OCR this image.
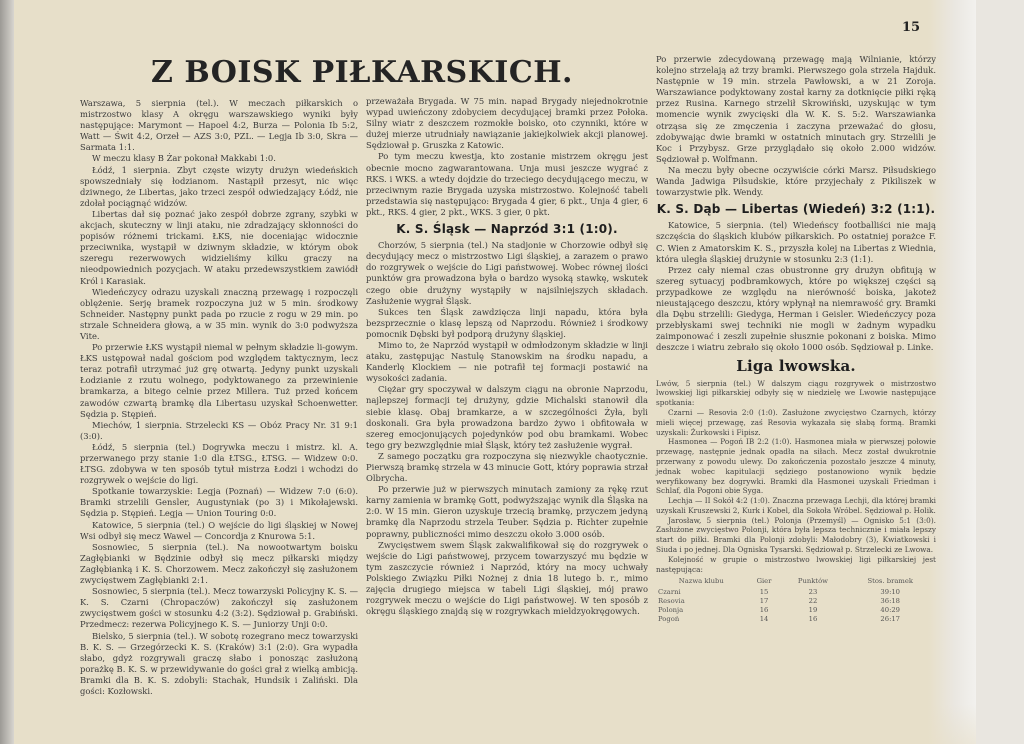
15
Z BOISK PIŁKARSKICH.

Warszawa, 5 sierpnia (tel.). W meczach piłkarskich o mistrzostwo klasy A okręgu warszawskiego wyniki były następujące: Marymont — Hapoel 4:2, Burza — Polonia Ib 5:2, Watt — Świt 4:2, Orzeł — AZS 3:0, PZL. — Legja Ib 3:0, Skra — Sarmata 1:1.

W meczu klasy B Żar pokonał Makkabi 1:0.

Łódź, 1 sierpnia. Zbyt częste wizyty drużyn wiedeńskich spowszedniały się łodzianom. Nastąpił przesyt, nic więc dziwnego, że Libertas, jako trzeci zespół odwiedzający Łódź, nie zdołał pociągnąć widzów.

Libertas dał się poznać jako zespół dobrze zgrany, szybki w akcjach, skuteczny w linji ataku, nie zdradzający skłonności do popisów różnemi trickami. ŁKS, nie doceniając widocznie przeciwnika, wystąpił w dziwnym składzie, w którym obok szeregu rezerwowych widzieliśmy kilku graczy na nieodpowiednich pozycjach. W ataku przedewszystkiem zawiódł Król i Karasiak.

Wiedeńczycy odrazu uzyskali znaczną przewagę i rozpoczęli oblężenie. Serję bramek rozpoczyna już w 5 min. środkowy Schneider. Następny punkt pada po rzucie z rogu w 29 min. po strzale Schneidera głową, a w 35 min. wynik do 3:0 podwyższa Vite.

Po przerwie ŁKS wystąpił niemal w pełnym składzie li-gowym. ŁKS ustępował nadal gościom pod względem taktycznym, lecz teraz potrafił utrzymać już grę otwartą. Jedyny punkt uzyskali Łodzianie z rzutu wolnego, podyktowanego za przewinienie bramkarza, a bitego celnie przez Millera. Tuż przed końcem zawodów czwartą bramkę dla Libertasu uzyskał Schoenwetter. Sędzia p. Stępień.

Miechów, 1 sierpnia. Strzelecki KS — Obóz Pracy Nr. 31 9:1 (3:0).

Łódź, 5 sierpnia (tel.) Dogrywka meczu i mistrz. kl. A. przerwanego przy stanie 1:0 dla ŁTSG., ŁTSG. — Widzew 0:0. ŁTSG. zdobywa w ten sposób tytuł mistrza Łodzi i wchodzi do rozgrywek o wejście do ligi.

Spotkanie towarzyskie: Legja (Poznań) — Widzew 7:0 (6:0). Bramki strzelili Gensler, Augustyniak (po 3) i Mikołajewski. Sędzia p. Stępień. Legja — Union Touring 0:0.

Katowice, 5 sierpnia (tel.) O wejście do ligi śląskiej w Nowej Wsi odbył się mecz Wawel — Concordja z Knurowa 5:1.

Sosnowiec, 5 sierpnia (tel.). Na nowootwartym boisku Zagłębianki w Będzinie odbył się mecz piłkarski między Zagłębianką i K. S. Chorzowem. Mecz zakończył się zasłużonem zwycięstwem Zagłębianki 2:1.

Sosnowiec, 5 sierpnia (tel.). Mecz towarzyski Policyjny K. S. — K. S. Czarni (Chropaczów) zakończył się zasłużonem zwycięstwem gości w stosunku 4:2 (3:2). Sędziował p. Grabiński. Przedmecz: rezerwa Policyjnego K. S. — Juniorzy Unji 0:0.

Bielsko, 5 sierpnia (tel.). W sobotę rozegrano mecz towarzyski B. K. S. — Grzegórzecki K. S. (Kraków) 3:1 (2:0). Gra wypadła słabo, gdyż rozgrywali graczę słabo i ponosząc zasłużoną porażkę B. K. S. w przewidywanie do gości grał z wielką ambicją. Bramki dla B. K. S. zdobyli: Stachak, Hundsik i Zaliński. Dla gości: Kozłowski.

przeważała Brygada. W 75 min. napad Brygady niejednokrotnie wypad uwieńczony zdobyciem decydującej bramki przez Połoka. Silny wiatr z deszczem rozmokłe boisko, oto czynniki, które w dużej mierze utrudniały nawiązanie jakiejkolwiek akcji planowej. Sędziował p. Gruszka z Katowic.

Po tym meczu kwestja, kto zostanie mistrzem okręgu jest obecnie mocno zagwarantowana. Unja musi jeszcze wygrać z RKS. i WKS. a wtedy dojdzie do trzeciego decydującego meczu, w przeciwnym razie Brygada uzyska mistrzostwo. Kolejność tabeli przedstawia się następująco: Brygada 4 gier, 6 pkt., Unja 4 gier, 6 pkt., RKS. 4 gier, 2 pkt., WKS. 3 gier, 0 pkt.

K. S. Śląsk — Naprzód 3:1 (1:0).

Chorzów, 5 sierpnia (tel.) Na stadjonie w Chorzowie odbył się decydujący mecz o mistrzostwo Ligi śląskiej, a zarazem o prawo do rozgrywek o wejście do Ligi państwowej. Wobec równej ilości punktów gra prowadzona była o bardzo wysoką stawkę, wskutek czego obie drużyny wystąpiły w najsilniejszych składach. Zasłużenie wygrał Śląsk.

Sukces ten Śląsk zawdzięcza linji napadu, która była bezsprzecznie o klasę lepszą od Naprzodu. Również i środkowy pomocnik Dębski był podporą drużyny śląskiej.

Mimo to, że Naprzód wystąpił w odmłodzonym składzie w linji ataku, zastępując Nastulę Stanowskim na środku napadu, a Kanderlę Klockiem — nie potrafił tej formacji postawić na wysokości zadania.

Ciężar gry spoczywał w dalszym ciągu na obronie Naprzodu, najlepszej formacji tej drużyny, gdzie Michalski stanowił dla siebie klasę. Obaj bramkarze, a w szczególności Żyła, byli doskonali. Gra była prowadzona bardzo żywo i obfitowała w szereg emocjonujących pojedynków pod obu bramkami. Wobec tego gry bezwzględnie miał Śląsk, który też zasłużenie wygrał.

Z samego początku gra rozpoczyna się niezwykle chaotycznie. Pierwszą bramkę strzela w 43 minucie Gott, który poprawia strzał Olbrycha.

Po przerwie już w pierwszych minutach zamiony za rękę rzut karny zamienia w bramkę Gott, podwyższając wynik dla Śląska na 2:0. W 15 min. Gieron uzyskuje trzecią bramkę, przyczem jedyną bramkę dla Naprzodu strzela Teuber. Sędzia p. Richter zupełnie poprawny, publiczności mimo deszczu około 3.000 osób.

Zwycięstwem swem Śląsk zakwalifikował się do rozgrywek o wejście do Ligi państwowej, przycem towarzyszyć mu będzie w tym zaszczycie również i Naprzód, który na mocy uchwały Polskiego Związku Piłki Nożnej z dnia 18 lutego b. r., mimo zajęcia drugiego miejsca w tabeli Ligi śląskiej, mój prawo rozgrywek meczu o wejście do Ligi państwowej. W ten sposób z okręgu śląskiego znajdą się w rozgrywkach mieldzyokręgowych.

Po przerwie zdecydowaną przewagę mają Wilnianie, którzy kolejno strzelają aż trzy bramki. Pierwszego gola strzela Hajduk. Następnie w 19 min. strzela Pawłowski, a w 21 Zoroja. Warszawiance podyktowany został karny za dotknięcie piłki ręką przez Rusina. Karnego strzelił Skrowiński, uzyskując w tym momencie wynik zwycięski dla W. K. S. 5:2. Warszawianka otrząsa się ze zmęczenia i zaczyna przeważać do głosu, zdobywając dwie bramki w ostatnich minutach gry. Strzelili je Koc i Przybysz. Grze przyglądało się około 2.000 widzów. Sędziował p. Wolfmann.

Na meczu były obecne oczywiście córki Marsz. Piłsudskiego Wanda Jadwiga Piłsudskie, które przyjechały z Pikiliszek w towarzystwie płk. Wendy.

K. S. Dąb — Libertas (Wiedeń) 3:2 (1:1).

Katowice, 5 sierpnia. (tel) Wiedeńscy footballiści nie mają szczęścia do śląskich klubów piłkarskich. Po ostatniej porażce F. C. Wien z Amatorskim K. S., przyszła kolej na Libertas z Wiednia, która uległa śląskiej drużynie w stosunku 2:3 (1:1).

Przez cały niemal czas obustronne gry drużyn obfitują w szereg sytuacyj podbramkowych, które po większej części są przypadkowe ze względu na nierówność boiska, jakoteż nieustającego deszczu, który wpłynął na niemrawość gry. Bramki dla Dębu strzelili: Giedyga, Herman i Geisler. Wiedeńczycy poza przebłyskami swej techniki nie mogli w żadnym wypadku zaimponować i zeszli zupełnie słusznie pokonani z boiska. Mimo deszcze i wiatru zebrało się około 1000 osób. Sędziował p. Linke.

Liga lwowska.

Lwów, 5 sierpnia (tel.) W dalszym ciągu rozgrywek o mistrzostwo lwowskiej ligi piłkarskiej odbyły się w niedzielę we Lwowie następujące spotkania:

Czarni — Resovia 2:0 (1:0). Zasłużone zwycięstwo Czarnych, którzy mieli więcej przewagę, zaś Resovia wykazała się słabą formą. Bramki uzyskali: Żurkowski i Fipisz.

Hasmonea — Pogoń IB 2:2 (1:0). Hasmonea miała w pierwszej połowie przewagę, następnie jednak opadła na siłach. Mecz został dwukrotnie przerwany z powodu ulewy. Do zakończenia pozostało jeszcze 4 minuty, jednak wobec kapitulacji sędziego postanowiono wynik będzie weryfikowany bez dogrywki. Bramki dla Hasmonei uzyskali Friedman i Schlaf, dla Pogoni obie Syga.

Lechja — II Sokół 4:2 (1:0). Znaczna przewaga Lechji, dla której bramki uzyskali Kruszewski 2, Kurk i Kobel, dla Sokoła Wróbel. Sędziował p. Holik.

Jarosław, 5 sierpnia (tel.) Polonja (Przemyśl) — Ognisko 5:1 (3:0). Zasłużone zwycięstwo Polonji, która była lepsza technicznie i miała lepszy start do piłki. Bramki dla Polonji zdobyli: Małodobry (3), Kwiatkowski i Siuda i po jednej. Dla Ogniska Tysarski. Sędziował p. Strzelecki ze Lwowa.

Kolejność w grupie o mistrzostwo lwowskiej ligi piłkarskiej jest następująca:

Nazwa klubu	Gier	Punktów	Stos. bramek
Czarni	15	23	39:10
Resovia	17	22	36:18
Polonja	16	19	40:29
Pogoń	14	16	26:17
